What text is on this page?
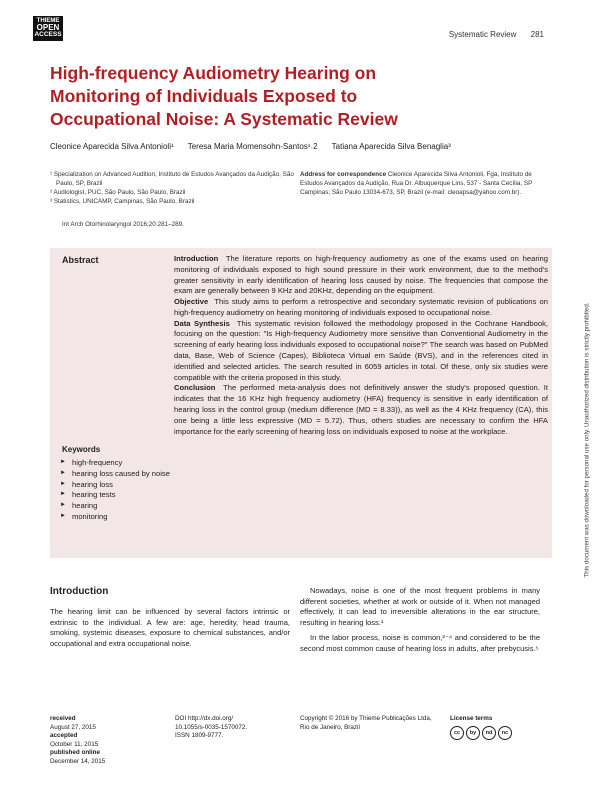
THIEME
OPEN
ACCESS	Systematic Review 281
High-frequency Audiometry Hearing on Monitoring of Individuals Exposed to Occupational Noise: A Systematic Review
Cleonice Aparecida Silva Antonioli¹ Teresa Maria Momensohn-Santos¹˒2 Tatiana Aparecida Silva Benaglia³
¹ Specialization on Advanced Audition, Instituto de Estudos Avançados da Audição, São Paulo, SP, Brazil
² Audiologist, PUC, São Paulo, São Paulo, Brazil
³ Statistics, UNICAMP, Campinas, São Paulo, Brazil
Address for correspondence Cleonice Aparecida Silva Antonioli, Fga, Instituto de Estudos Avançados da Audição, Rua Dr. Albuquerque Lins, 537 - Santa Cecília, SP Campinas, São Paulo 13034-673, SP, Brazil (e-mail: cleoapsa@yahoo.com.br).
Int Arch Otorhinolaryngol 2016;20:281–289.
Abstract	Introduction The literature reports on high-frequency audiometry as one of the exams used on hearing monitoring of individuals exposed to high sound pressure in their work environment, due to the method's greater sensitivity in early identification of hearing loss caused by noise. The frequencies that compose the exam are generally between 9 KHz and 20KHz, depending on the equipment.

Objective This study aims to perform a retrospective and secondary systematic revision of publications on high-frequency audiometry on hearing monitoring of individuals exposed to occupational noise.

Data Synthesis This systematic revision followed the methodology proposed in the Cochrane Handbook, focusing on the question: "Is High-frequency Audiometry more sensitive than Conventional Audiometry in the screening of early hearing loss individuals exposed to occupational noise?" The search was based on PubMed data, Base, Web of Science (Capes), Biblioteca Virtual em Saúde (BVS), and in the references cited in identified and selected articles. The search resulted in 6059 articles in total. Of these, only six studies were compatible with the criteria proposed in this study.

Conclusion The performed meta-analysis does not definitively answer the study's proposed question. It indicates that the 16 KHz high frequency audiometry (HFA) frequency is sensitive in early identification of hearing loss in the control group (medium difference (MD = 8.33)), as well as the 4 KHz frequency (CA), this one being a little less expressive (MD = 5.72). Thus, others studies are necessary to confirm the HFA importance for the early screening of hearing loss on individuals exposed to noise at the workplace.

Keywords
► high-frequency
► hearing loss caused by noise
► hearing loss
► hearing tests
► hearing
► monitoring
Introduction

The hearing limit can be influenced by several factors intrinsic or extrinsic to the individual. A few are: age, heredity, head trauma, smoking, systemic diseases, exposure to chemical substances, and/or occupational and extra occupational noise.

Nowadays, noise is one of the most frequent problems in many different societies, whether at work or outside of it. When not managed effectively, it can lead to irreversible alterations in the ear structure, resulting in hearing loss.¹

In the labor process, noise is common,²⁻⁴ and considered to be the second most common cause of hearing loss in adults, after prebycusis.⁵

received
August 27, 2015
accepted
October 11, 2015
published online
December 14, 2015
DOI http://dx.doi.org/
10.1055/s-0035-1570072.
ISSN 1809-9777.
Copyright © 2016 by Thieme Publicações Ltda, Rio de Janeiro, Brazil
License terms
cc	by	nd	nc
This document was downloaded for personal use only. Unauthorized distribution is strictly prohibited.
